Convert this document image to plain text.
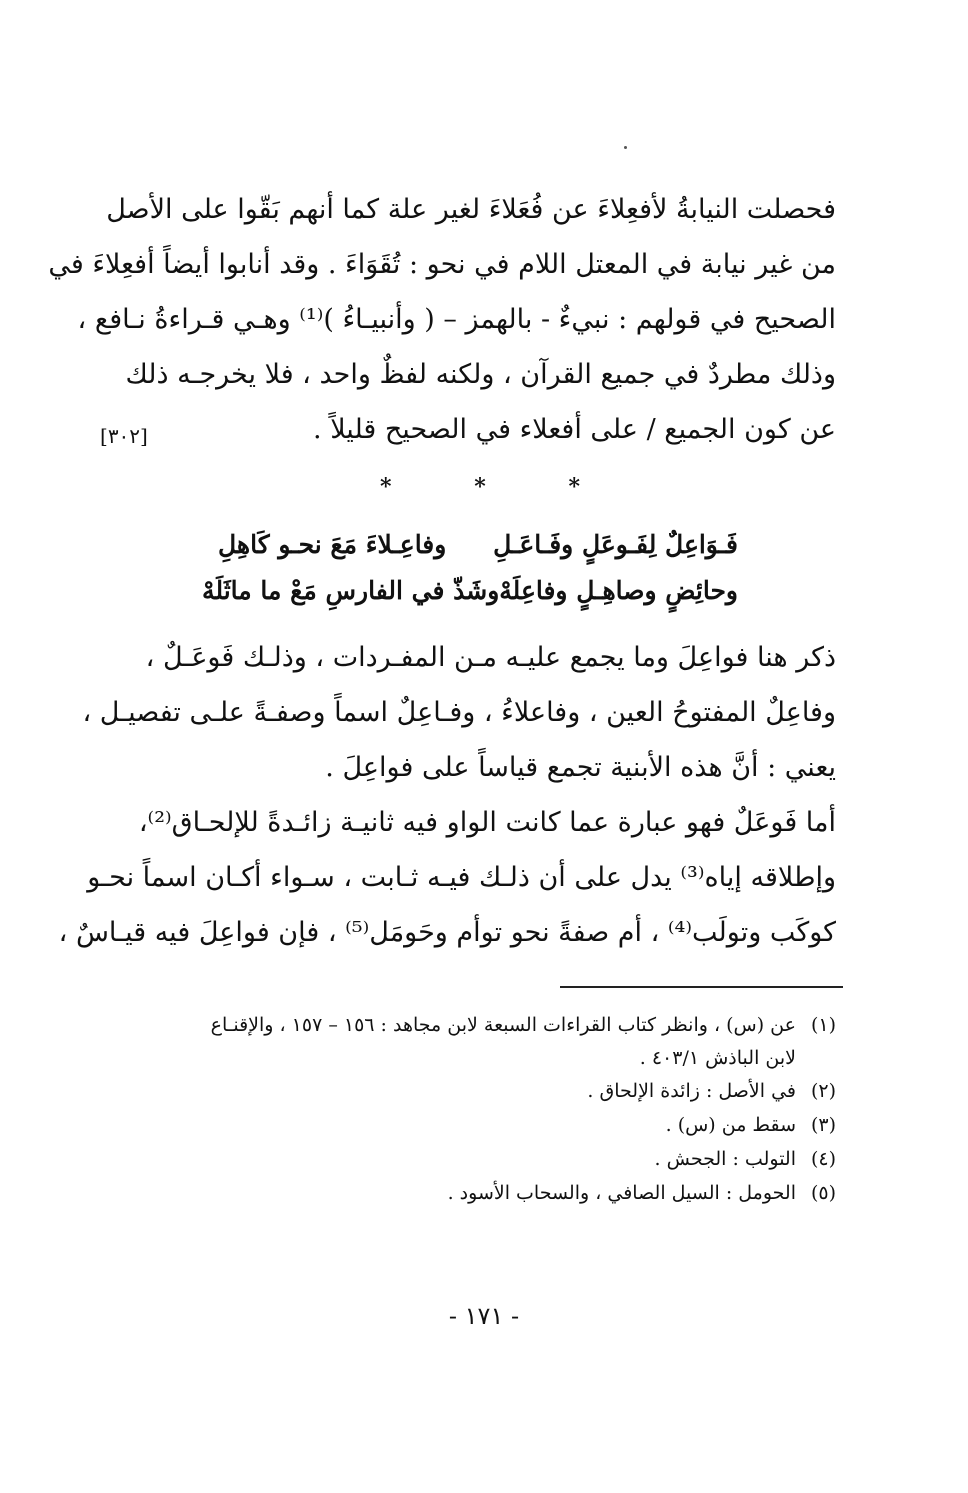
فحصلت النيابةُ لأفعِلاءَ عن فُعَلاءَ لغير علة كما أنهم بَقّوا على الأصل
من غير نيابة في المعتل اللام في نحو : تُقَوَاءَ . وقد أنابوا أيضاً أفعِلاءَ في
الصحيح في قولهم : نبيءٌ - بالهمز – ( وأنبيـاءُ )⁽¹⁾ وهـي قـراءةُ نـافع ،
وذلك مطردٌ في جميع القرآن ، ولكنه لفظٌ واحد ، فلا يخرجـه ذلك
عن كون الجميع / على أفعلاء في الصحيح قليلاً .
[٣٠٢]
*	*	*
فَـوَاعِلٌ لِفَـوعَلٍ وفَـاعَـلِ
وفاعِـلاءَ مَعَ نحـو كَاهِلِ
وحائِضٍ وصاهِـلٍ وفاعِلَهْ
وشَذّ في الفارسِ مَعْ ما ماثَلَهْ
ذكر هنا فواعِلَ وما يجمع عليـه مـن المفـردات ، وذلـك فَوعَـلٌ ،
وفاعِلٌ المفتوحُ العين ، وفاعلاءُ ، وفـاعِلٌ اسماً وصفـةً علـى تفصيـل ،
يعني : أنَّ هذه الأبنية تجمع قياساً على فواعِلَ .
أما فَوعَلٌ فهو عبارة عما كانت الواو فيه ثانيـة زائـدةً للإلحـاق⁽²⁾،
وإطلاقه إياه⁽³⁾ يدل على أن ذلـك فيـه ثـابت ، سـواء أكـان اسماً نحـو
كوكَب وتولَب⁽⁴⁾ ، أم صفةً نحو توأم وحَومَل⁽⁵⁾ ، فإن فواعِلَ فيه قيـاسٌ ،
(١)
عن (س) ، وانظر كتاب القراءات السبعة لابن مجاهد : ١٥٦ – ١٥٧ ، والإقنـاع
لابن الباذش ٤٠٣/١ .
(٢)
في الأصل : زائدة الإلحاق .
(٣)
سقط من (س) .
(٤)
التولب : الجحش .
(٥)
الحومل : السيل الصافي ، والسحاب الأسود .
- ١٧١ -
